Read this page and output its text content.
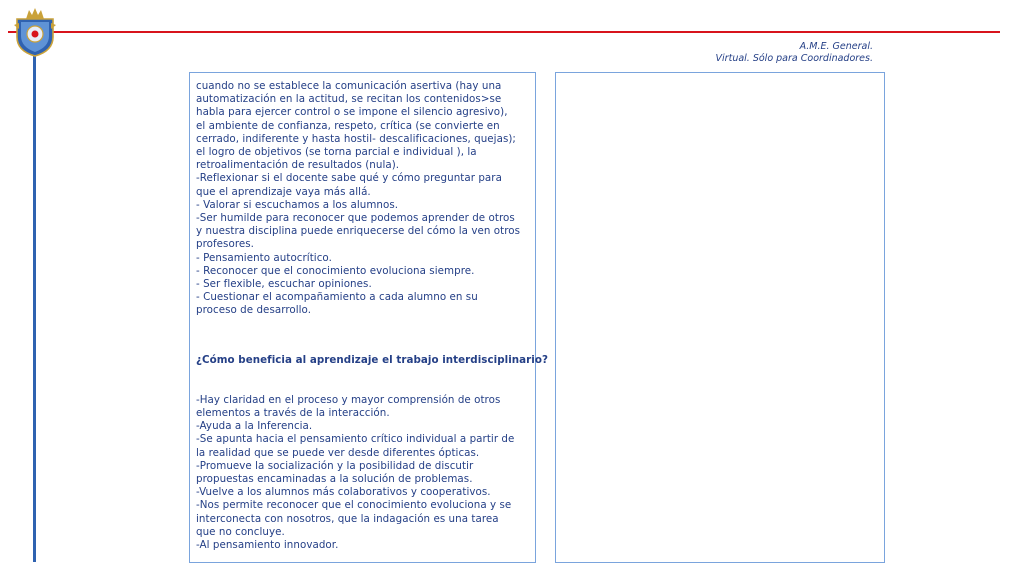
A.M.E. General.
Virtual. Sólo para Coordinadores.
cuando no se establece la comunicación asertiva (hay una
automatización en la actitud, se recitan los contenidos>se
habla para ejercer control o se impone el silencio agresivo),
el ambiente de confianza, respeto, crítica (se convierte en
cerrado, indiferente y hasta hostil- descalificaciones, quejas);
el logro de objetivos (se torna parcial e individual ), la
retroalimentación de resultados (nula).
-Reflexionar si el docente sabe qué y cómo preguntar para
que el aprendizaje vaya más allá.
- Valorar si escuchamos a los alumnos.
-Ser humilde para reconocer que podemos aprender de otros
y nuestra disciplina puede enriquecerse del cómo la ven otros
profesores.
- Pensamiento autocrítico.
- Reconocer que el conocimiento evoluciona siempre.
- Ser flexible, escuchar opiniones.
- Cuestionar el acompañamiento a cada alumno en su
proceso de desarrollo.
¿Cómo beneficia al aprendizaje el trabajo interdisciplinario?
-Hay claridad en el proceso y mayor comprensión de otros
elementos a través de la interacción.
-Ayuda a la Inferencia.
-Se apunta hacia el pensamiento crítico individual a partir de
la realidad que se puede ver desde diferentes ópticas.
-Promueve la socialización y la posibilidad de discutir
propuestas encaminadas a la solución de problemas.
-Vuelve a los alumnos más colaborativos y cooperativos.
-Nos permite reconocer que el conocimiento evoluciona y se
interconecta con nosotros, que la indagación es una tarea
que no concluye.
-Al pensamiento innovador.
